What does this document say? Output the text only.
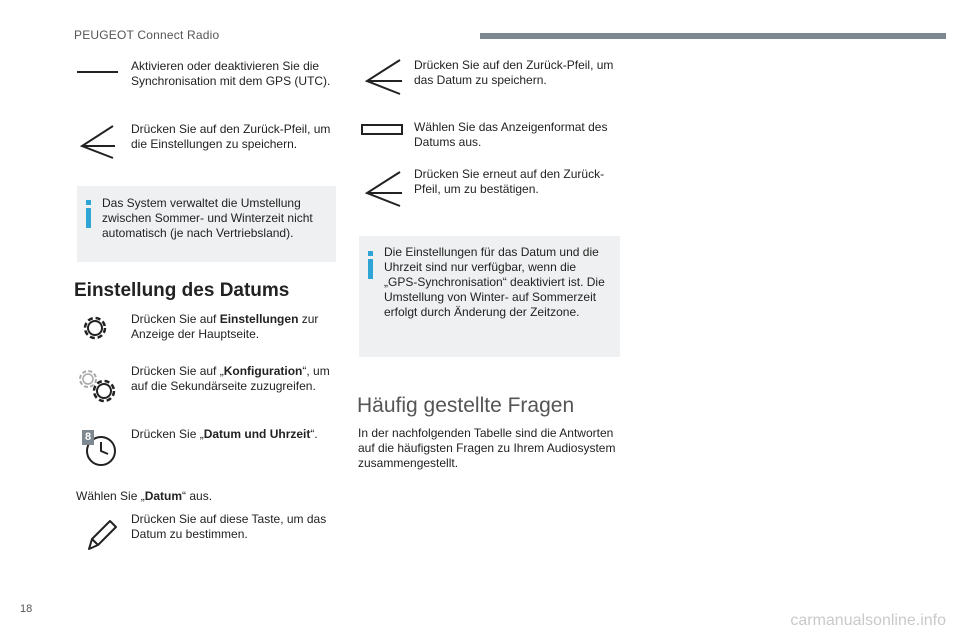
PEUGEOT Connect Radio
Aktivieren oder deaktivieren Sie die Synchronisation mit dem GPS (UTC).
Drücken Sie auf den Zurück-Pfeil, um die Einstellungen zu speichern.
Das System verwaltet die Umstellung zwischen Sommer- und Winterzeit nicht automatisch (je nach Vertriebsland).
Einstellung des Datums
Drücken Sie auf Einstellungen zur Anzeige der Hauptseite.
Drücken Sie auf „Konfiguration“, um auf die Sekundärseite zuzugreifen.
8	Drücken Sie „Datum und Uhrzeit“.
Wählen Sie „Datum“ aus.
Drücken Sie auf diese Taste, um das Datum zu bestimmen.
Drücken Sie auf den Zurück-Pfeil, um das Datum zu speichern.
Wählen Sie das Anzeigenformat des Datums aus.
Drücken Sie erneut auf den Zurück-Pfeil, um zu bestätigen.
Die Einstellungen für das Datum und die Uhrzeit sind nur verfügbar, wenn die „GPS-Synchronisation“ deaktiviert ist. Die Umstellung von Winter- auf Sommerzeit erfolgt durch Änderung der Zeitzone.
Häufig gestellte Fragen
In der nachfolgenden Tabelle sind die Antworten auf die häufigsten Fragen zu Ihrem Audiosystem zusammengestellt.
18
carmanualsonline.info
